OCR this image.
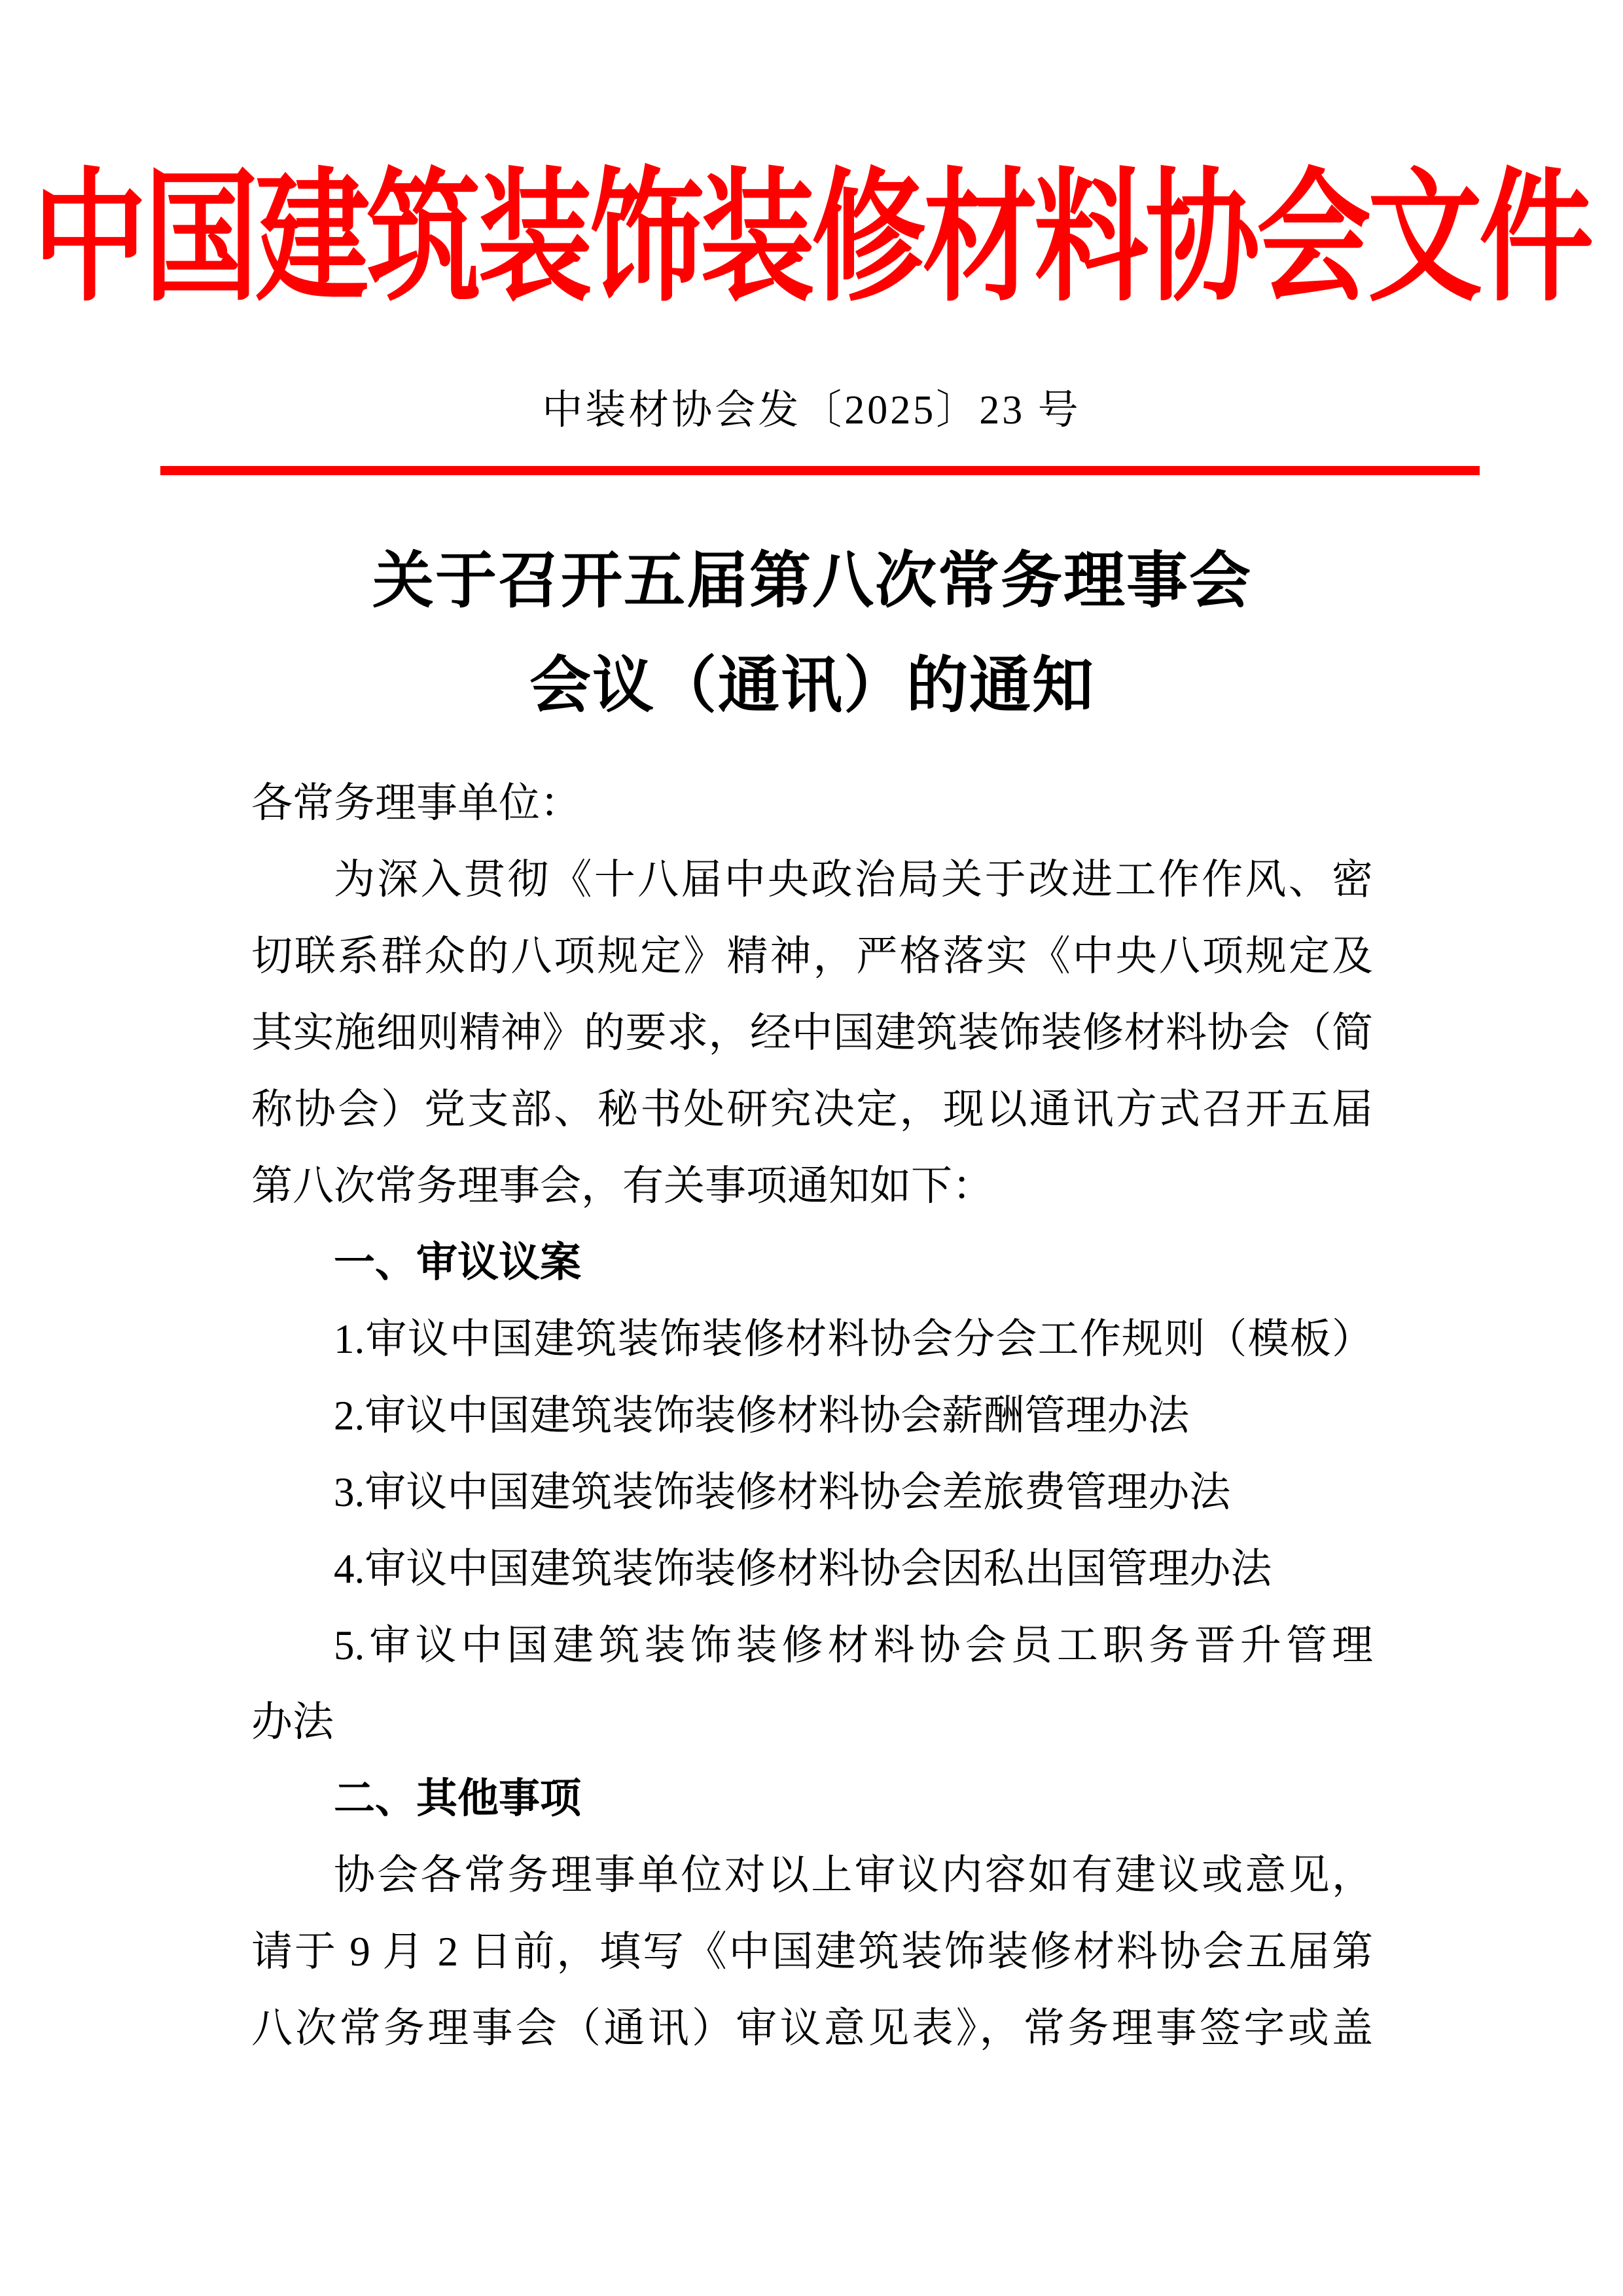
中国建筑装饰装修材料协会文件
中装材协会发〔2025〕23 号
关于召开五届第八次常务理事会
会议（通讯）的通知
各常务理事单位：
为深入贯彻《十八届中央政治局关于改进工作作风、密
切联系群众的八项规定》精神，严格落实《中央八项规定及
其实施细则精神》的要求，经中国建筑装饰装修材料协会（简
称协会）党支部、秘书处研究决定，现以通讯方式召开五届
第八次常务理事会，有关事项通知如下：
一、审议议案
1.审议中国建筑装饰装修材料协会分会工作规则（模板）
2.审议中国建筑装饰装修材料协会薪酬管理办法
3.审议中国建筑装饰装修材料协会差旅费管理办法
4.审议中国建筑装饰装修材料协会因私出国管理办法
5.审议中国建筑装饰装修材料协会员工职务晋升管理
办法
二、其他事项
协会各常务理事单位对以上审议内容如有建议或意见，
请于 9 月 2 日前，填写《中国建筑装饰装修材料协会五届第
八次常务理事会（通讯）审议意见表》，常务理事签字或盖
